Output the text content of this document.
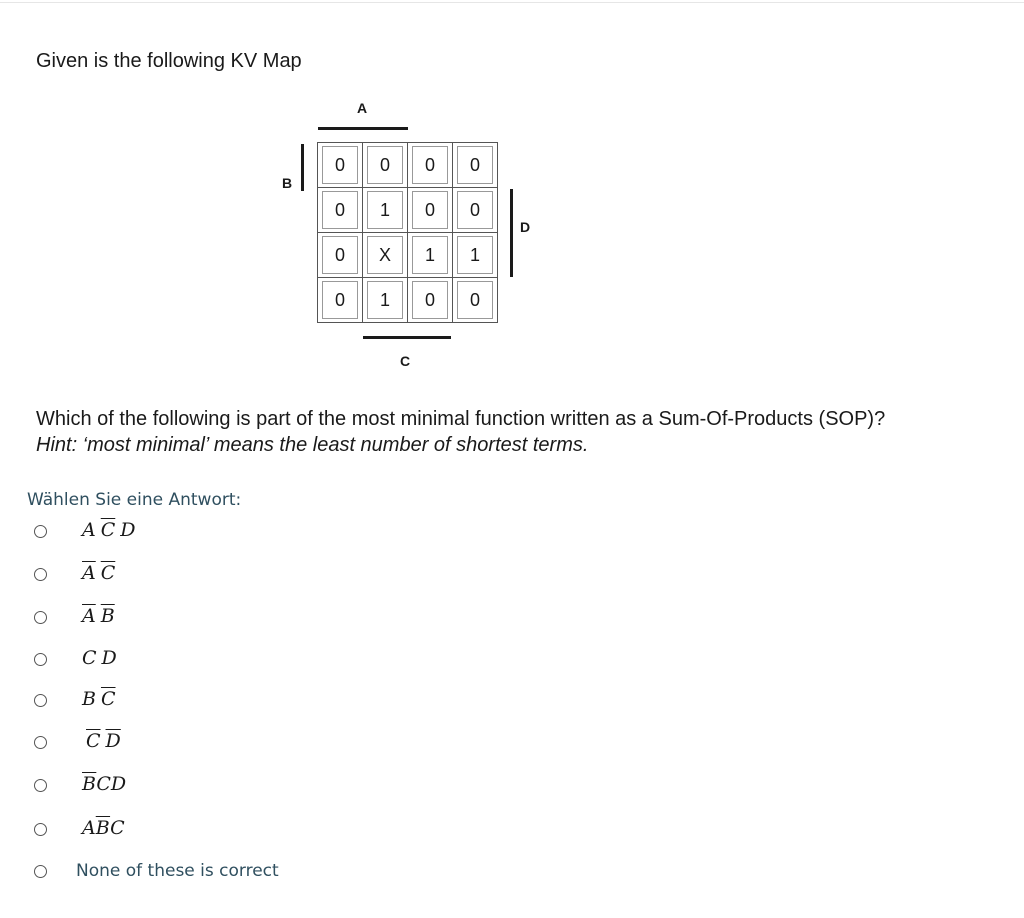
Given is the following KV Map
A
B
D
C
0	0	0	0
0	1	0	0
0	X	1	1
0	1	0	0
Which of the following is part of the most minimal function written as a Sum-Of-Products (SOP)?
Hint: ‘most minimal’ means the least number of shortest terms.
Wählen Sie eine Antwort:
A $\overline{C}$ D
$\overline{A}$ $\overline{C}$
$\overline{A}$ $\overline{B}$
C D
B $\overline{C}$
$\overline{C}$ $\overline{D}$
$\overline{B}CD$
$A\overline{B}C$
None of these is correct
